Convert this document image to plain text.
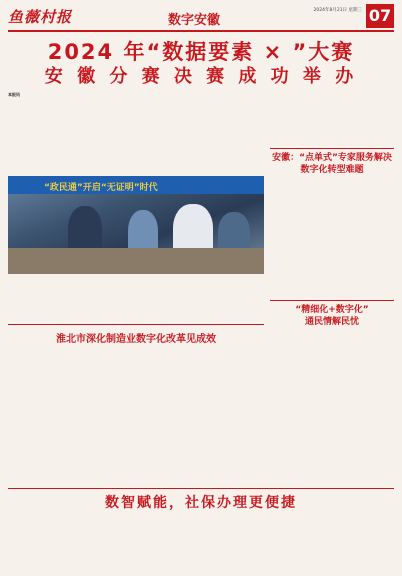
鱼薇村报	数字安徽
2024年8月21日 星期三 07
2024 年“数据要素 × ”大赛
安 徽 分 赛 决 赛 成 功 举 办
本报讯
“政民通”开启“无证明”时代
安徽：“点单式”专家服务解决数字化转型难题
“精细化+数字化”
通民情解民忧
淮北市深化制造业数字化改革见成效
数智赋能，社保办理更便捷
